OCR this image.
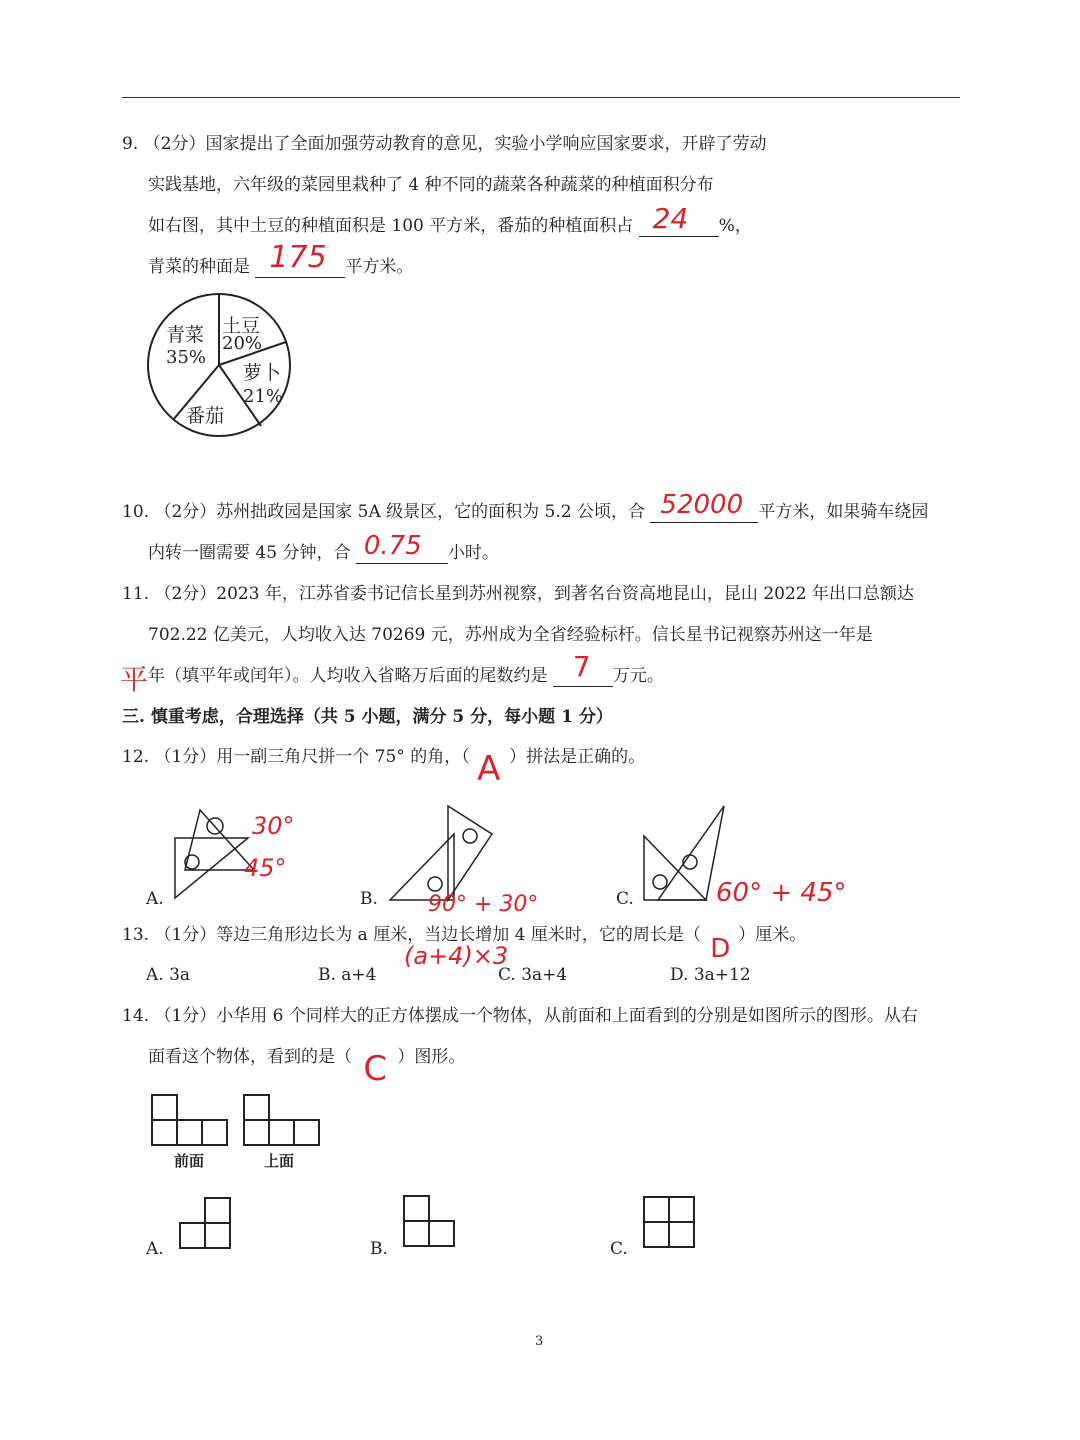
9. （2分）国家提出了全面加强劳动教育的意见，实验小学响应国家要求，开辟了劳动
实践基地，六年级的菜园里栽种了 4 种不同的蔬菜各种蔬菜的种植面积分布
如右图，其中土豆的种植面积是 100 平方米，番茄的种植面积占 24 %，
青菜的种面是 175 平方米。
青菜
35%
土豆
20%
萝卜
21%
番茄
10. （2分）苏州拙政园是国家 5A 级景区，它的面积为 5.2 公顷，合 52000 平方米，如果骑车绕园
内转一圈需要 45 分钟，合 0.75 小时。
11. （2分）2023 年，江苏省委书记信长星到苏州视察，到著名台资高地昆山，昆山 2022 年出口总额达
702.22 亿美元，人均收入达 70269 元，苏州成为全省经验标杆。信长星书记视察苏州这一年是
平 年（填平年或闰年）。人均收入省略万后面的尾数约是 7 万元。
三. 慎重考虑，合理选择（共 5 小题，满分 5 分，每小题 1 分）
12. （1分）用一副三角尺拼一个 75° 的角，（ A ）拼法是正确的。
30°
45°
A.	B. 90° + 30°	C.	60° + 45°
13. （1分）等边三角形边长为 a 厘米，当边长增加 4 厘米时，它的周长是（ D ）厘米。
(a+4)×3
A. 3a	B. a+4	C. 3a+4	D. 3a+12
14. （1分）小华用 6 个同样大的正方体摆成一个物体，从前面和上面看到的分别是如图所示的图形。从右
面看这个物体，看到的是（ C ）图形。
前面	上面
A.	B.	C.
3
